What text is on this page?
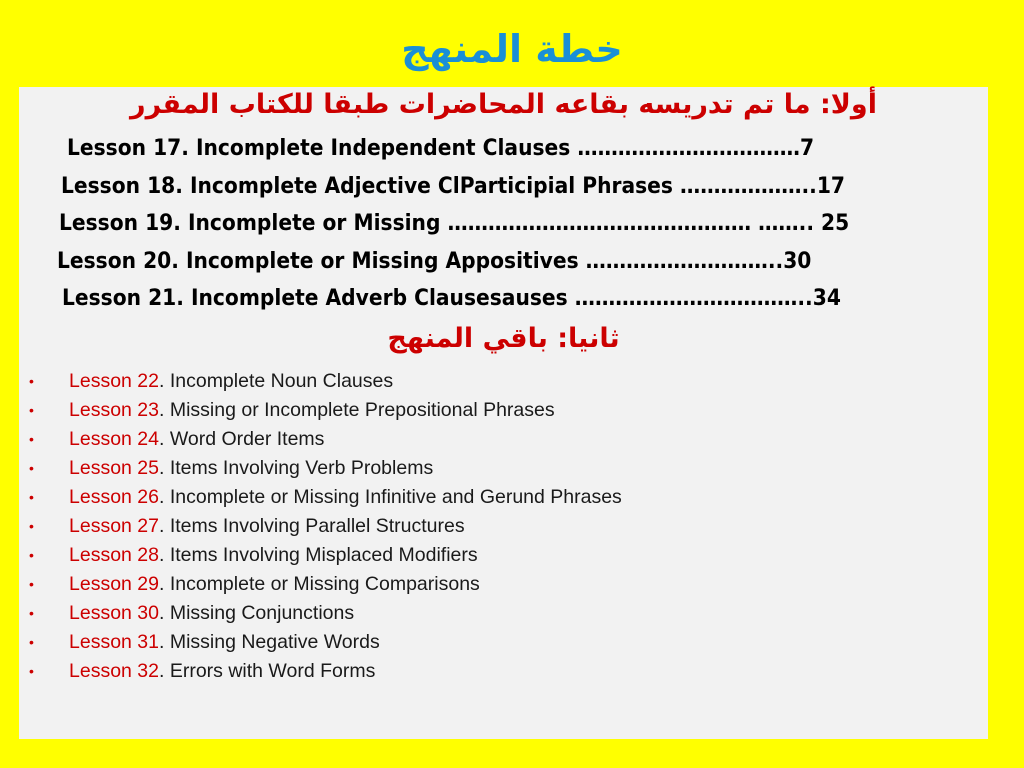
خطة المنهج
أولا: ما تم تدريسه بقاعه المحاضرات طبقا للكتاب المقرر
Lesson 17. Incomplete Independent Clauses ……………………………7
Lesson 18. Incomplete Adjective ClParticipial Phrases ………………..17
Lesson 19. Incomplete or Missing ……………………………………… …….. 25
Lesson 20. Incomplete or Missing Appositives ………………………..30
Lesson 21. Incomplete Adverb Clausesauses ……………………………..34
ثانيا: باقي المنهج
• Lesson 22. Incomplete Noun Clauses
• Lesson 23. Missing or Incomplete Prepositional Phrases
• Lesson 24. Word Order Items
• Lesson 25. Items Involving Verb Problems
• Lesson 26. Incomplete or Missing Infinitive and Gerund Phrases
• Lesson 27. Items Involving Parallel Structures
• Lesson 28. Items Involving Misplaced Modifiers
• Lesson 29. Incomplete or Missing Comparisons
• Lesson 30. Missing Conjunctions
• Lesson 31. Missing Negative Words
• Lesson 32. Errors with Word Forms
